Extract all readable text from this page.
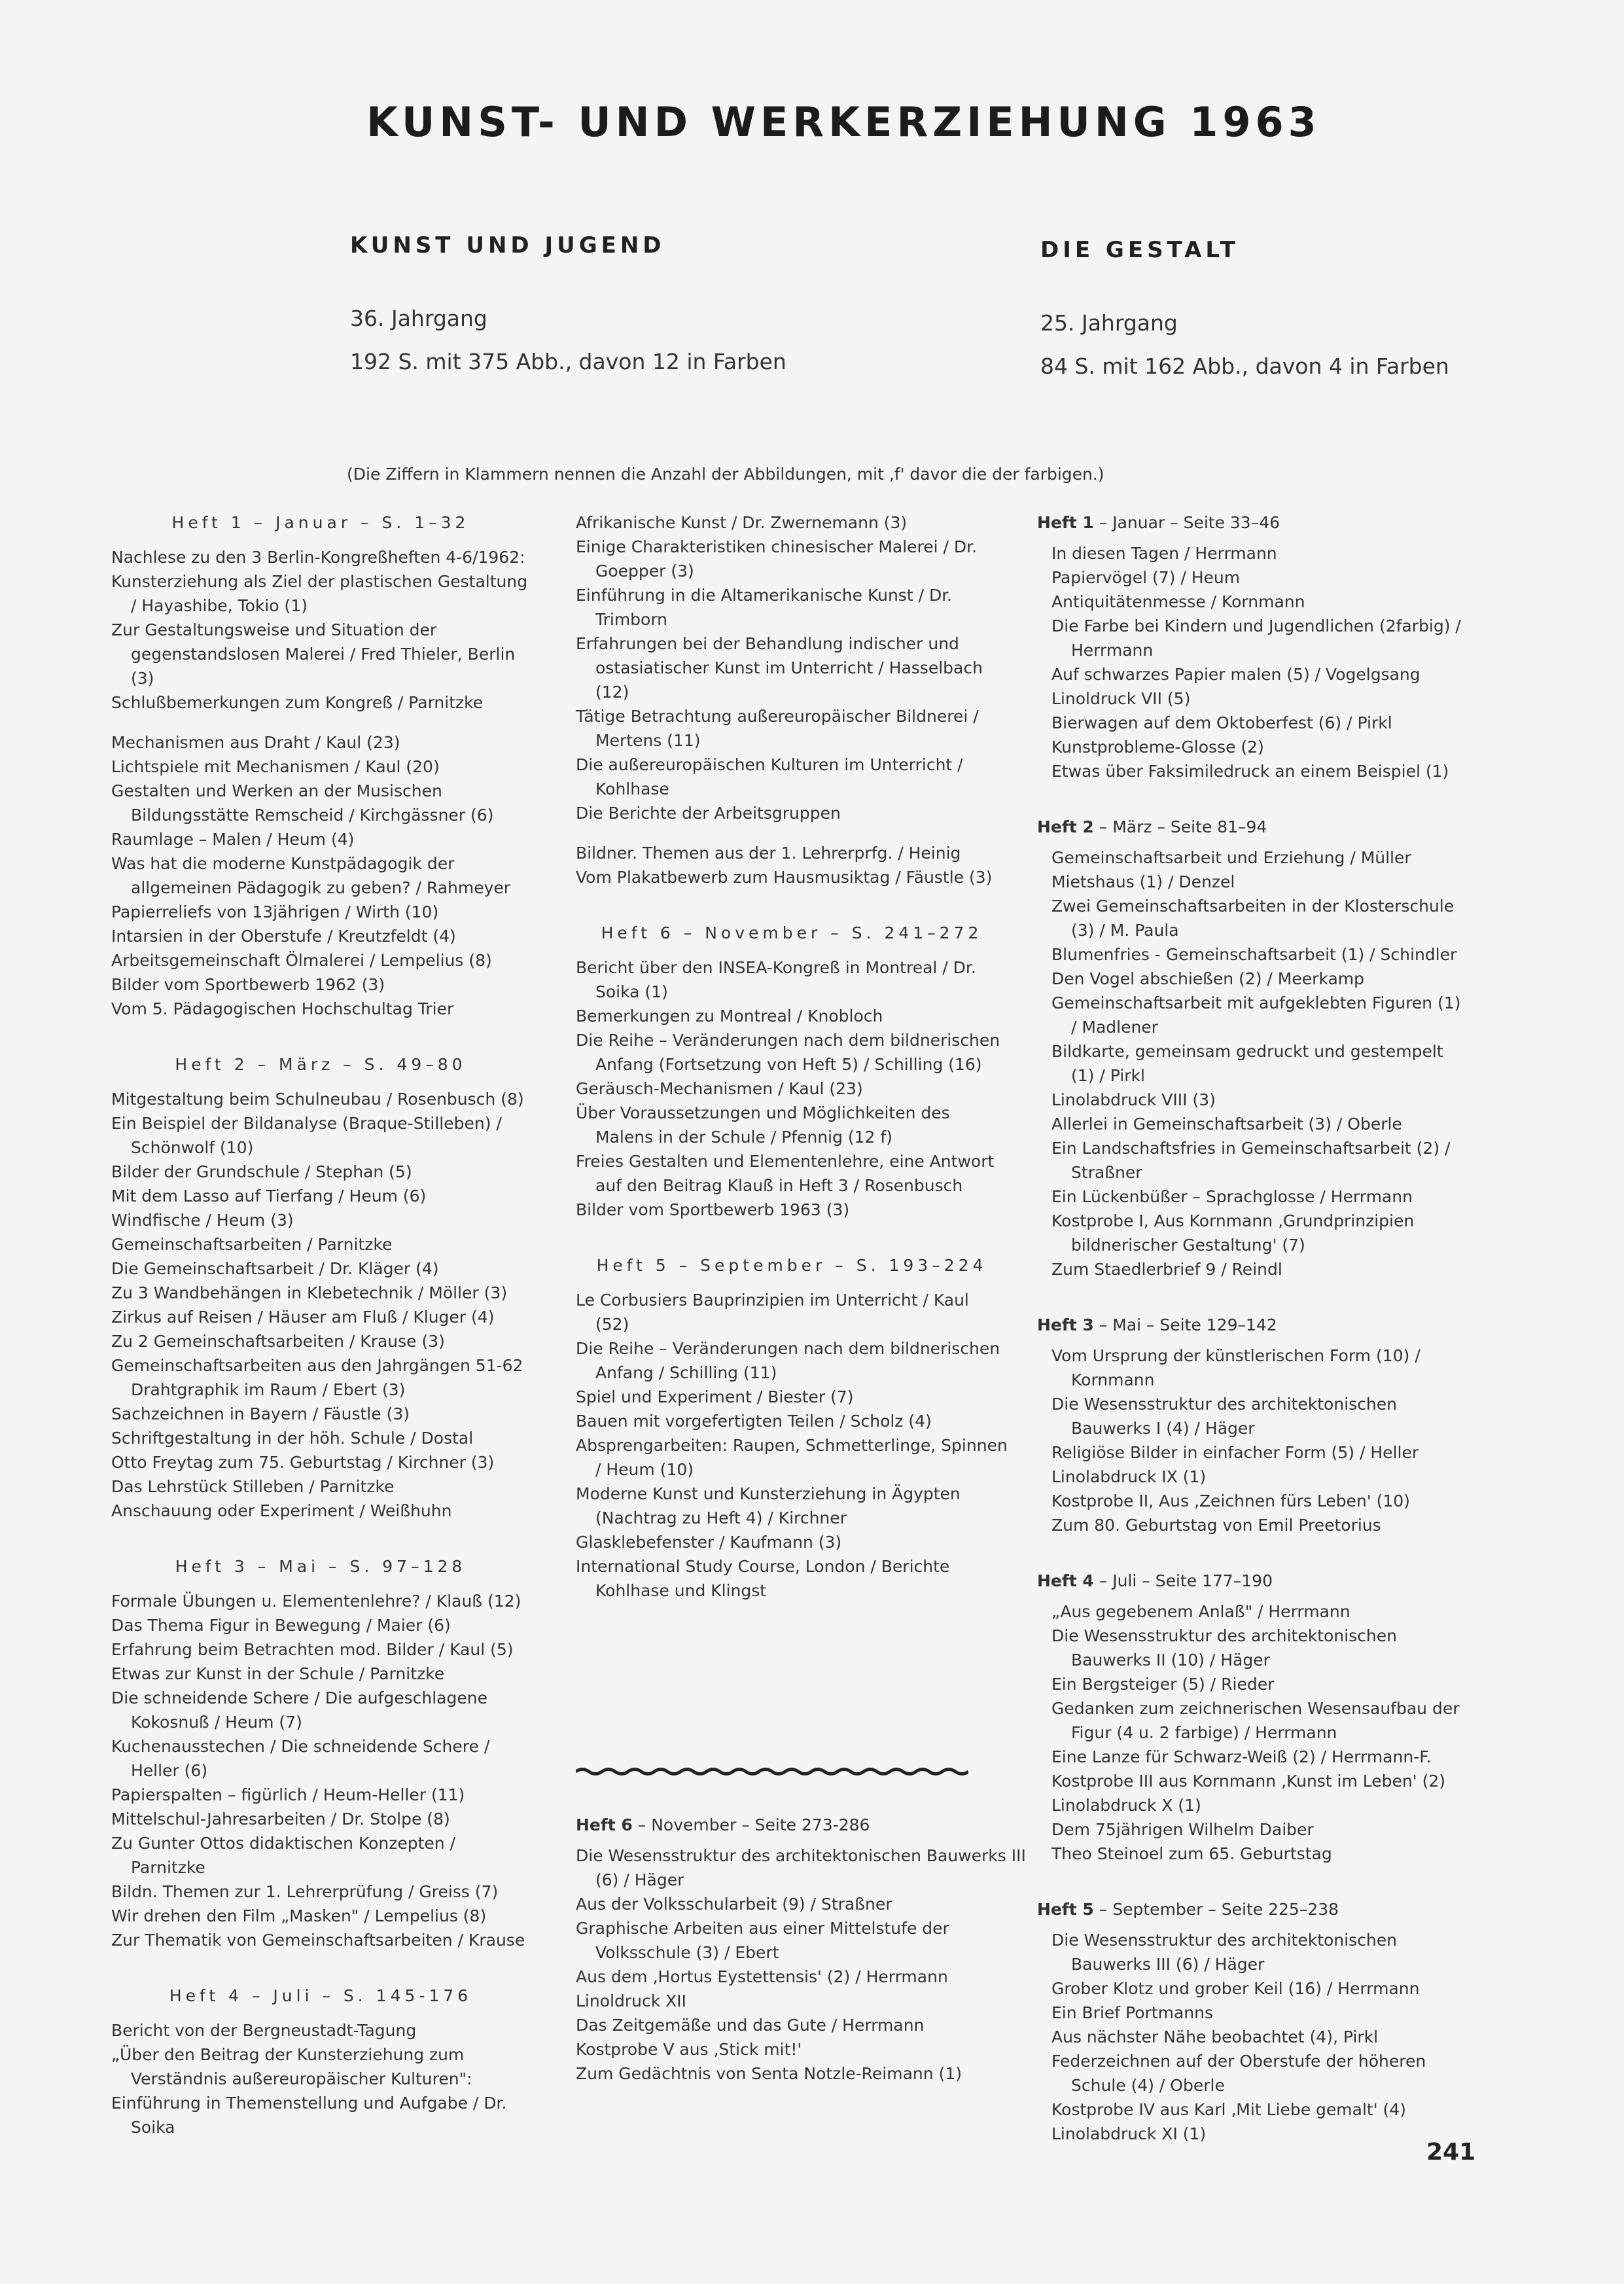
KUNST- UND WERKERZIEHUNG 1963

KUNST UND JUGEND

36. Jahrgang

192 S. mit 375 Abb., davon 12 in Farben

DIE GESTALT

25. Jahrgang

84 S. mit 162 Abb., davon 4 in Farben

(Die Ziffern in Klammern nennen die Anzahl der Abbildungen, mit ‚f' davor die der farbigen.)

Heft 1 – Januar – S. 1–32

Nachlese zu den 3 Berlin-Kongreßheften 4-6/1962:
Kunsterziehung als Ziel der plastischen Gestaltung / Hayashibe, Tokio (1)
Zur Gestaltungsweise und Situation der gegenstandslosen Malerei / Fred Thieler, Berlin (3)
Schlußbemerkungen zum Kongreß / Parnitzke
Mechanismen aus Draht / Kaul (23)
Lichtspiele mit Mechanismen / Kaul (20)
Gestalten und Werken an der Musischen Bildungsstätte Remscheid / Kirchgässner (6)
Raumlage – Malen / Heum (4)
Was hat die moderne Kunstpädagogik der allgemeinen Pädagogik zu geben? / Rahmeyer
Papierreliefs von 13jährigen / Wirth (10)
Intarsien in der Oberstufe / Kreutzfeldt (4)
Arbeitsgemeinschaft Ölmalerei / Lempelius (8)
Bilder vom Sportbewerb 1962 (3)
Vom 5. Pädagogischen Hochschultag Trier

Heft 2 – März – S. 49–80

Mitgestaltung beim Schulneubau / Rosenbusch (8)
Ein Beispiel der Bildanalyse (Braque-Stilleben) / Schönwolf (10)
Bilder der Grundschule / Stephan (5)
Mit dem Lasso auf Tierfang / Heum (6)
Windfische / Heum (3)
Gemeinschaftsarbeiten / Parnitzke
Die Gemeinschaftsarbeit / Dr. Kläger (4)
Zu 3 Wandbehängen in Klebetechnik / Möller (3)
Zirkus auf Reisen / Häuser am Fluß / Kluger (4)
Zu 2 Gemeinschaftsarbeiten / Krause (3)
Gemeinschaftsarbeiten aus den Jahrgängen 51-62 Drahtgraphik im Raum / Ebert (3)
Sachzeichnen in Bayern / Fäustle (3)
Schriftgestaltung in der höh. Schule / Dostal
Otto Freytag zum 75. Geburtstag / Kirchner (3)
Das Lehrstück Stilleben / Parnitzke
Anschauung oder Experiment / Weißhuhn

Heft 3 – Mai – S. 97–128

Formale Übungen u. Elementenlehre? / Klauß (12)
Das Thema Figur in Bewegung / Maier (6)
Erfahrung beim Betrachten mod. Bilder / Kaul (5)
Etwas zur Kunst in der Schule / Parnitzke
Die schneidende Schere / Die aufgeschlagene Kokosnuß / Heum (7)
Kuchenausstechen / Die schneidende Schere / Heller (6)
Papierspalten – figürlich / Heum-Heller (11)
Mittelschul-Jahresarbeiten / Dr. Stolpe (8)
Zu Gunter Ottos didaktischen Konzepten / Parnitzke
Bildn. Themen zur 1. Lehrerprüfung / Greiss (7)
Wir drehen den Film „Masken" / Lempelius (8)
Zur Thematik von Gemeinschaftsarbeiten / Krause

Heft 4 – Juli – S. 145-176

Bericht von der Bergneustadt-Tagung
„Über den Beitrag der Kunsterziehung zum Verständnis außereuropäischer Kulturen":
Einführung in Themenstellung und Aufgabe / Dr. Soika
Afrikanische Kunst / Dr. Zwernemann (3)
Einige Charakteristiken chinesischer Malerei / Dr. Goepper (3)
Einführung in die Altamerikanische Kunst / Dr. Trimborn
Erfahrungen bei der Behandlung indischer und ostasiatischer Kunst im Unterricht / Hasselbach (12)
Tätige Betrachtung außereuropäischer Bildnerei / Mertens (11)
Die außereuropäischen Kulturen im Unterricht / Kohlhase
Die Berichte der Arbeitsgruppen
Bildner. Themen aus der 1. Lehrerprfg. / Heinig
Vom Plakatbewerb zum Hausmusiktag / Fäustle (3)

Heft 6 – November – S. 241–272

Bericht über den INSEA-Kongreß in Montreal / Dr. Soika (1)
Bemerkungen zu Montreal / Knobloch
Die Reihe – Veränderungen nach dem bildnerischen Anfang (Fortsetzung von Heft 5) / Schilling (16)
Geräusch-Mechanismen / Kaul (23)
Über Voraussetzungen und Möglichkeiten des Malens in der Schule / Pfennig (12 f)
Freies Gestalten und Elementenlehre, eine Antwort auf den Beitrag Klauß in Heft 3 / Rosenbusch
Bilder vom Sportbewerb 1963 (3)

Heft 5 – September – S. 193–224

Le Corbusiers Bauprinzipien im Unterricht / Kaul (52)
Die Reihe – Veränderungen nach dem bildnerischen Anfang / Schilling (11)
Spiel und Experiment / Biester (7)
Bauen mit vorgefertigten Teilen / Scholz (4)
Absprengarbeiten: Raupen, Schmetterlinge, Spinnen / Heum (10)
Moderne Kunst und Kunsterziehung in Ägypten (Nachtrag zu Heft 4) / Kirchner
Glasklebefenster / Kaufmann (3)
International Study Course, London / Berichte Kohlhase und Klingst

Heft 1 – Januar – Seite 33–46

In diesen Tagen / Herrmann
Papiervögel (7) / Heum
Antiquitätenmesse / Kornmann
Die Farbe bei Kindern und Jugendlichen (2farbig) / Herrmann
Auf schwarzes Papier malen (5) / Vogelgsang
Linoldruck VII (5)
Bierwagen auf dem Oktoberfest (6) / Pirkl
Kunstprobleme-Glosse (2)
Etwas über Faksimiledruck an einem Beispiel (1)

Heft 2 – März – Seite 81–94

Gemeinschaftsarbeit und Erziehung / Müller
Mietshaus (1) / Denzel
Zwei Gemeinschaftsarbeiten in der Klosterschule (3) / M. Paula
Blumenfries - Gemeinschaftsarbeit (1) / Schindler
Den Vogel abschießen (2) / Meerkamp
Gemeinschaftsarbeit mit aufgeklebten Figuren (1) / Madlener
Bildkarte, gemeinsam gedruckt und gestempelt (1) / Pirkl
Linolabdruck VIII (3)
Allerlei in Gemeinschaftsarbeit (3) / Oberle
Ein Landschaftsfries in Gemeinschaftsarbeit (2) / Straßner
Ein Lückenbüßer – Sprachglosse / Herrmann
Kostprobe I, Aus Kornmann ‚Grundprinzipien bildnerischer Gestaltung' (7)
Zum Staedlerbrief 9 / Reindl

Heft 3 – Mai – Seite 129–142

Vom Ursprung der künstlerischen Form (10) / Kornmann
Die Wesensstruktur des architektonischen Bauwerks I (4) / Häger
Religiöse Bilder in einfacher Form (5) / Heller
Linolabdruck IX (1)
Kostprobe II, Aus ‚Zeichnen fürs Leben' (10)
Zum 80. Geburtstag von Emil Preetorius

Heft 4 – Juli – Seite 177–190

„Aus gegebenem Anlaß" / Herrmann
Die Wesensstruktur des architektonischen Bauwerks II (10) / Häger
Ein Bergsteiger (5) / Rieder
Gedanken zum zeichnerischen Wesensaufbau der Figur (4 u. 2 farbige) / Herrmann
Eine Lanze für Schwarz-Weiß (2) / Herrmann-F.
Kostprobe III aus Kornmann ‚Kunst im Leben' (2)
Linolabdruck X (1)
Dem 75jährigen Wilhelm Daiber
Theo Steinoel zum 65. Geburtstag

Heft 5 – September – Seite 225–238

Die Wesensstruktur des architektonischen Bauwerks III (6) / Häger
Grober Klotz und grober Keil (16) / Herrmann
Ein Brief Portmanns
Aus nächster Nähe beobachtet (4), Pirkl
Federzeichnen auf der Oberstufe der höheren Schule (4) / Oberle
Kostprobe IV aus Karl ‚Mit Liebe gemalt' (4)
Linolabdruck XI (1)

Heft 6 – November – Seite 273-286

Die Wesensstruktur des architektonischen Bauwerks III (6) / Häger
Aus der Volksschularbeit (9) / Straßner
Graphische Arbeiten aus einer Mittelstufe der Volksschule (3) / Ebert
Aus dem ‚Hortus Eystettensis' (2) / Herrmann
Linoldruck XII
Das Zeitgemäße und das Gute / Herrmann
Kostprobe V aus ‚Stick mit!'
Zum Gedächtnis von Senta Notzle-Reimann (1)

241
